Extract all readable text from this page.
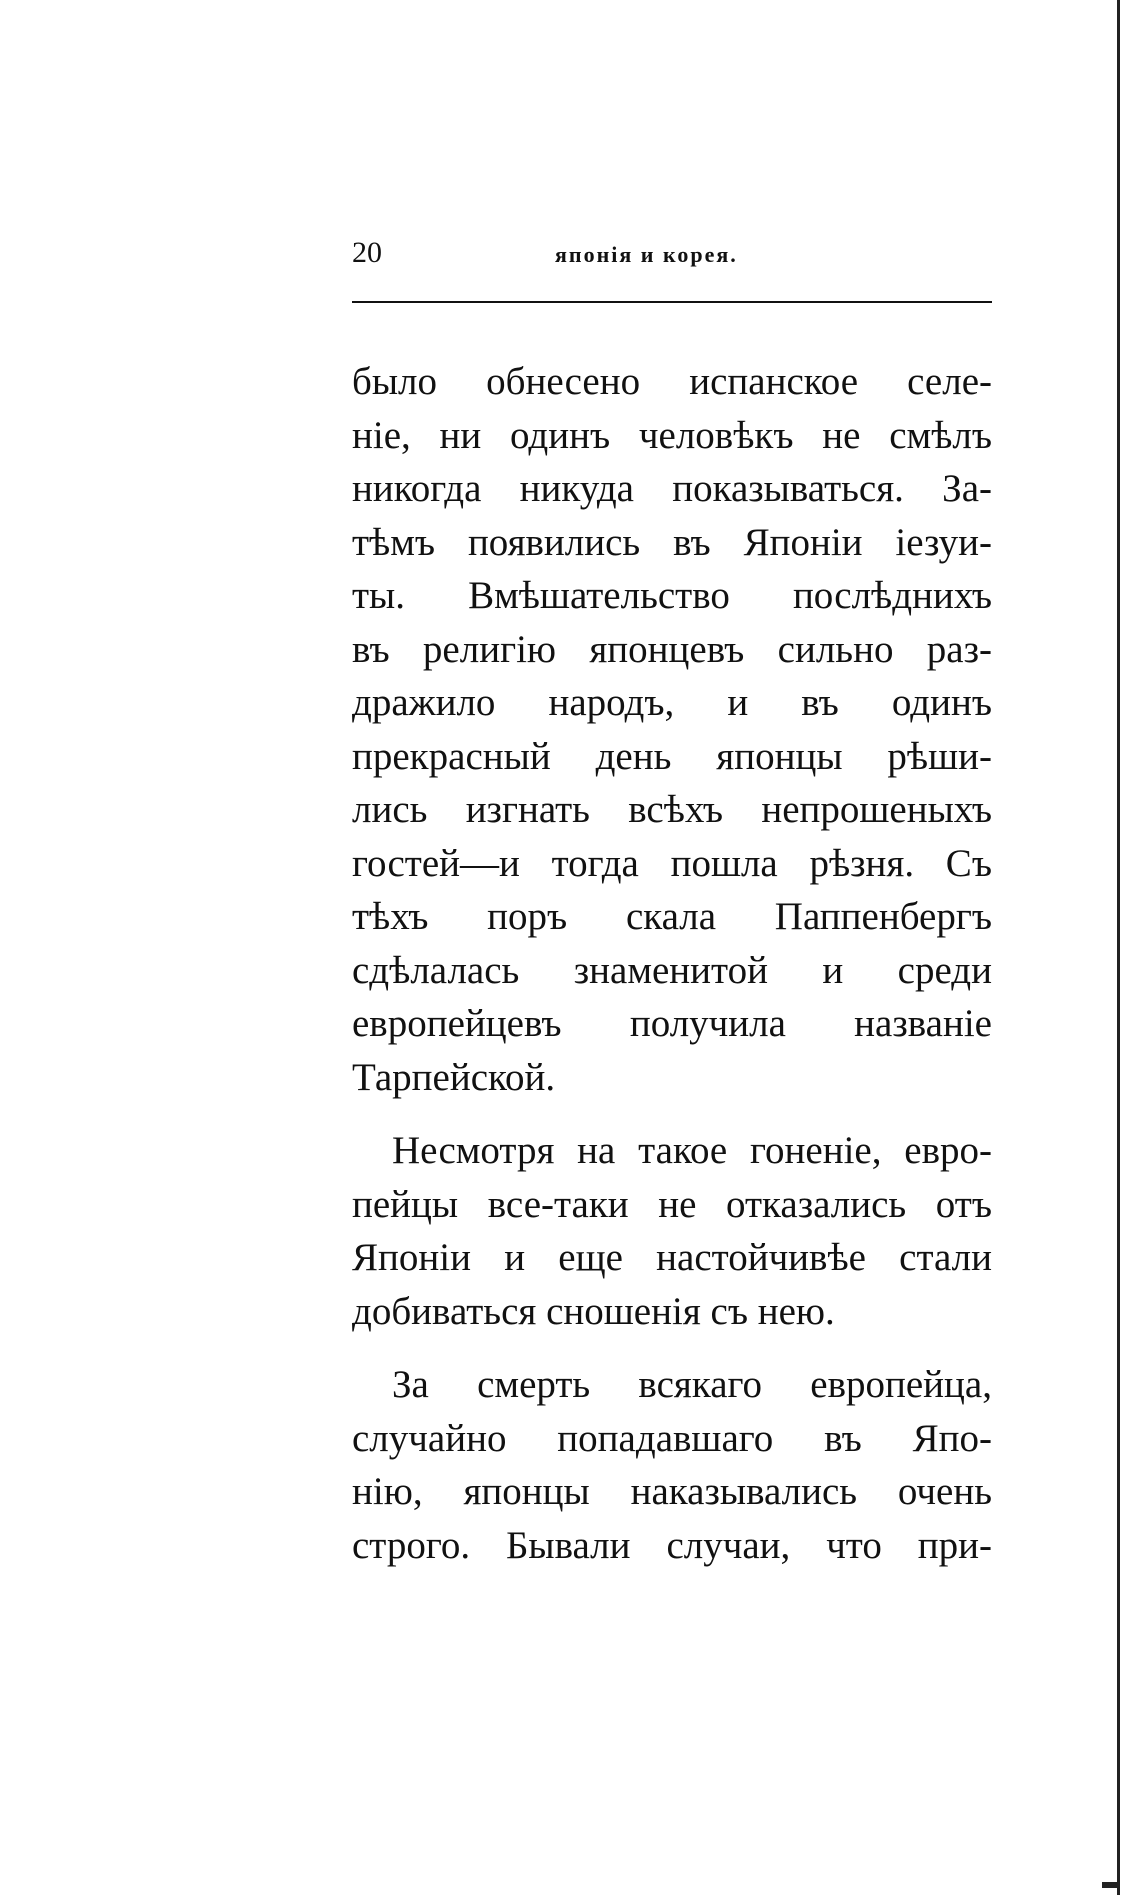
20	японія и корея.
было обнесено испанское селе-
ніе, ни одинъ человѣкъ не смѣлъ
никогда никуда показываться. За-
тѣмъ появились въ Японіи іезуи-
ты. Вмѣшательство послѣднихъ
въ религію японцевъ сильно раз-
дражило народъ, и въ одинъ
прекрасный день японцы рѣши-
лись изгнать всѣхъ непрошеныхъ
гостей—и тогда пошла рѣзня. Съ
тѣхъ поръ скала Паппенбергъ
сдѣлалась знаменитой и среди
европейцевъ получила названіе
Тарпейской.
Несмотря на такое гоненіе, евро-
пейцы все-таки не отказались отъ
Японіи и еще настойчивѣе стали
добиваться сношенія съ нею.
За смерть всякаго европейца,
случайно попадавшаго въ Япо-
нію, японцы наказывались очень
строго. Бывали случаи, что при-
